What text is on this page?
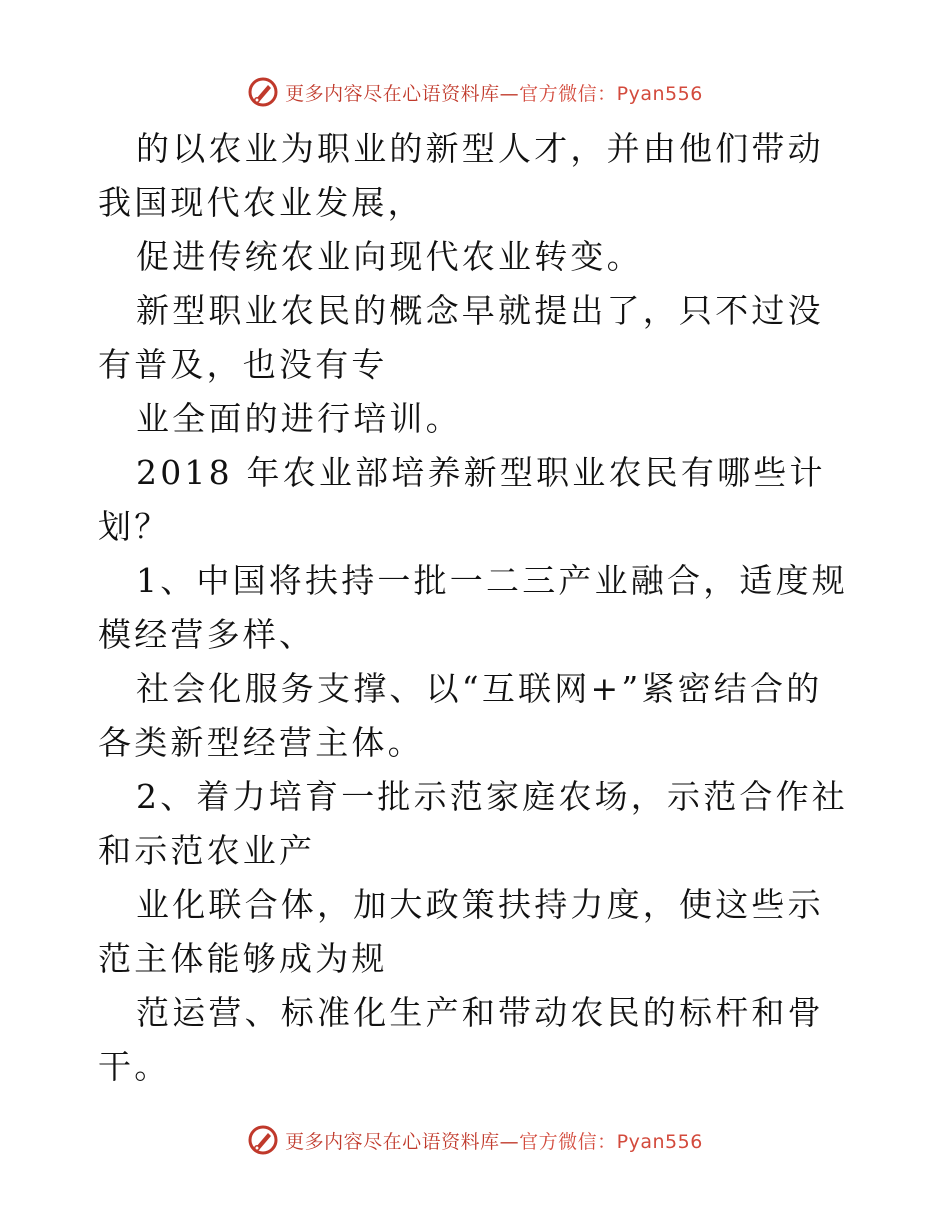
更多内容尽在心语资料库—官方微信：Pyan556

的以农业为职业的新型人才，并由他们带动我国现代农业发展，

促进传统农业向现代农业转变。

新型职业农民的概念早就提出了，只不过没有普及，也没有专

业全面的进行培训。

2018 年农业部培养新型职业农民有哪些计划？

1、中国将扶持一批一二三产业融合，适度规模经营多样、

社会化服务支撑、以“互联网+”紧密结合的各类新型经营主体。

2、着力培育一批示范家庭农场，示范合作社和示范农业产

业化联合体，加大政策扶持力度，使这些示范主体能够成为规

范运营、标准化生产和带动农民的标杆和骨干。

更多内容尽在心语资料库—官方微信：Pyan556
